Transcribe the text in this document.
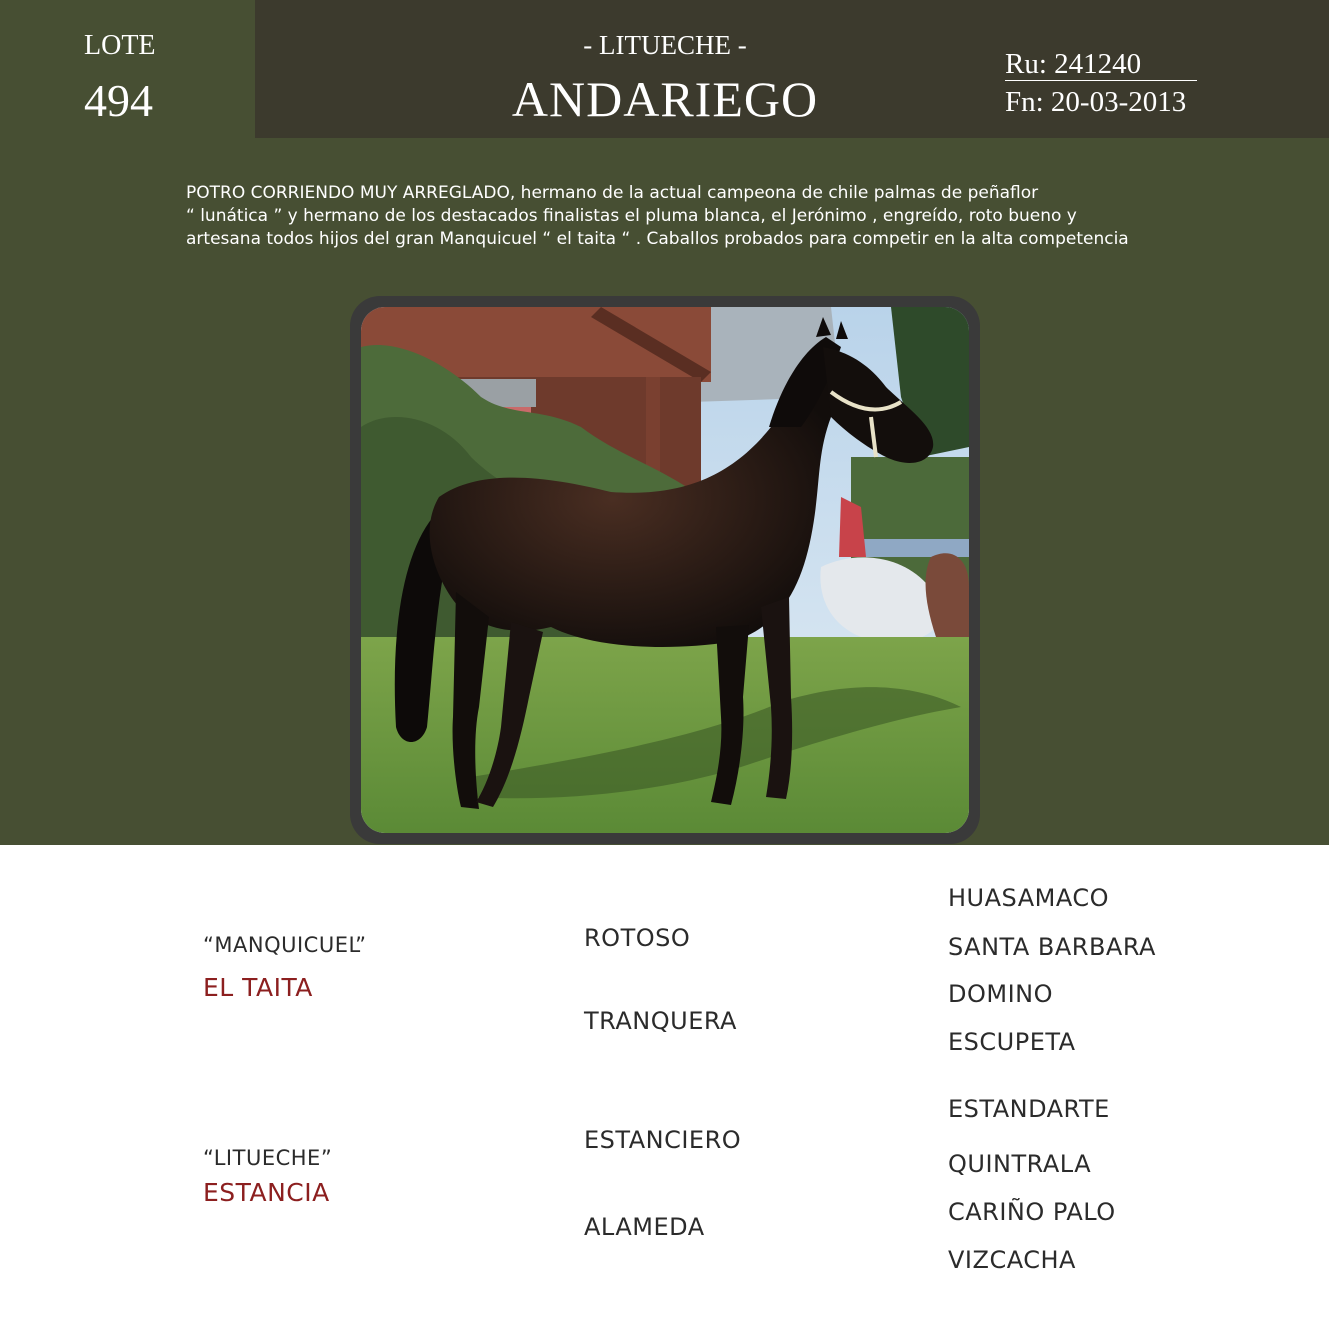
LOTE
494
- LITUECHE -
ANDARIEGO
Ru: 241240
Fn: 20-03-2013
POTRO CORRIENDO MUY ARREGLADO, hermano de la actual campeona de chile palmas de peñaflor
“ lunática ” y hermano de los destacados finalistas el pluma blanca, el Jerónimo , engreído, roto bueno y
artesana todos hijos del gran Manquicuel “ el taita “ . Caballos probados para competir en la alta competencia
“MANQUICUEL”
EL TAITA
“LITUECHE”
ESTANCIA
ROTOSO
TRANQUERA
ESTANCIERO
ALAMEDA
HUASAMACO
SANTA BARBARA
DOMINO
ESCUPETA
ESTANDARTE
QUINTRALA
CARIÑO PALO
VIZCACHA
